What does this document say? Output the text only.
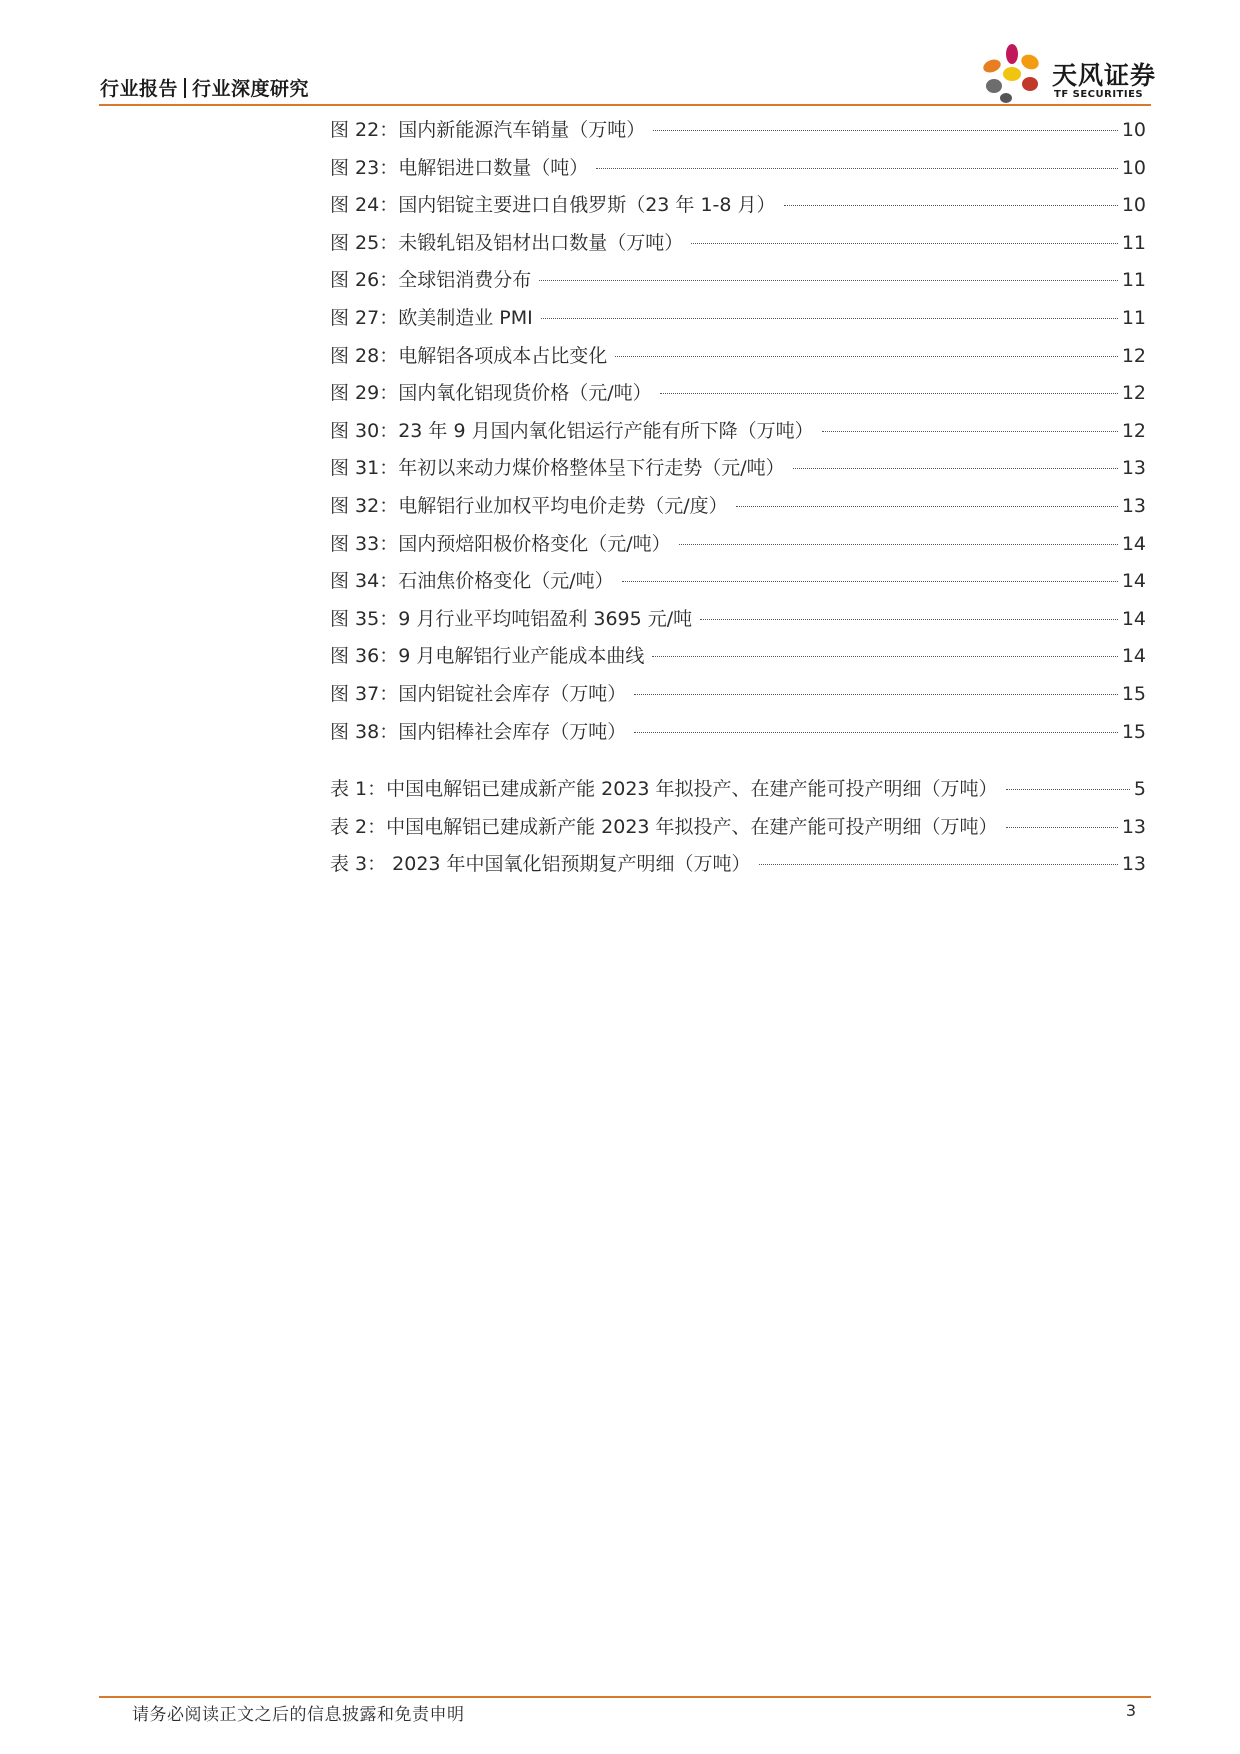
行业报告 行业深度研究	天风证券
TF SECURITIES
图 22：国内新能源汽车销量（万吨）	10
图 23：电解铝进口数量（吨）	10
图 24：国内铝锭主要进口自俄罗斯（23 年 1-8 月）	10
图 25：未锻轧铝及铝材出口数量（万吨）	11
图 26：全球铝消费分布	11
图 27：欧美制造业 PMI	11
图 28：电解铝各项成本占比变化	12
图 29：国内氧化铝现货价格（元/吨）	12
图 30：23 年 9 月国内氧化铝运行产能有所下降（万吨）	12
图 31：年初以来动力煤价格整体呈下行走势（元/吨）	13
图 32：电解铝行业加权平均电价走势（元/度）	13
图 33：国内预焙阳极价格变化（元/吨）	14
图 34：石油焦价格变化（元/吨）	14
图 35：9 月行业平均吨铝盈利 3695 元/吨	14
图 36：9 月电解铝行业产能成本曲线	14
图 37：国内铝锭社会库存（万吨）	15
图 38：国内铝棒社会库存（万吨）	15
表 1：中国电解铝已建成新产能 2023 年拟投产、在建产能可投产明细（万吨）	5
表 2：中国电解铝已建成新产能 2023 年拟投产、在建产能可投产明细（万吨）	13
表 3： 2023 年中国氧化铝预期复产明细（万吨）	13
请务必阅读正文之后的信息披露和免责申明	3
